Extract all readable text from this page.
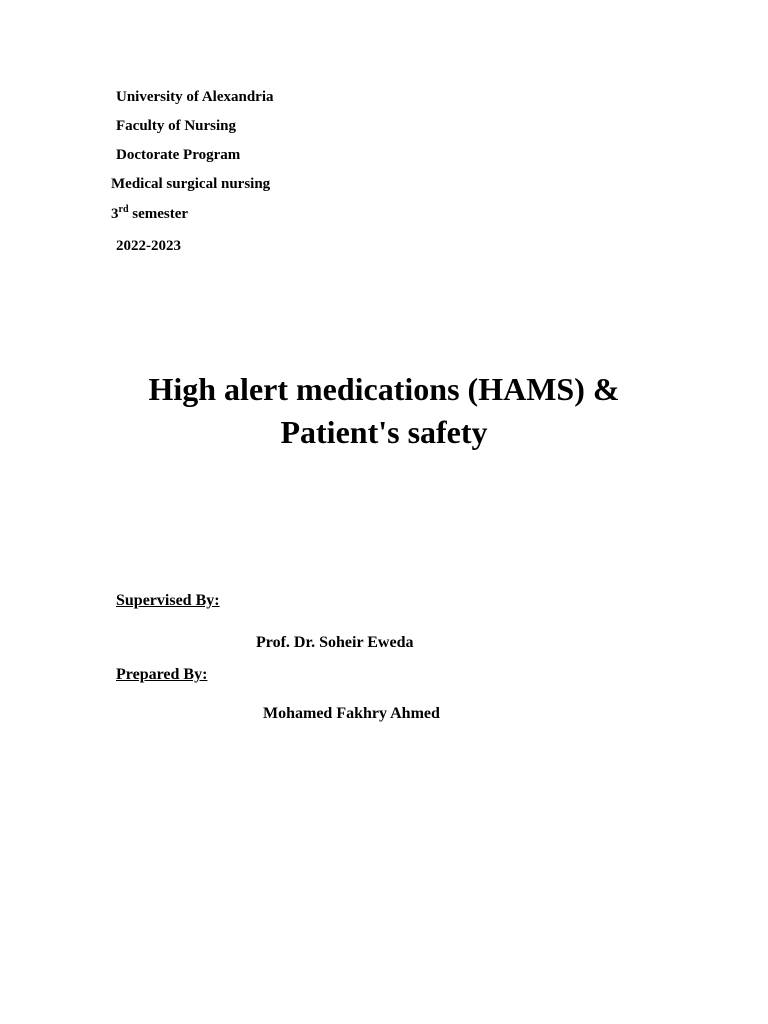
University of Alexandria
Faculty of Nursing
Doctorate Program
Medical surgical nursing
3rd semester
2022-2023
High alert medications (HAMS) &
Patient's safety
Supervised By:
Prof. Dr. Soheir Eweda
Prepared By:
Mohamed Fakhry Ahmed
